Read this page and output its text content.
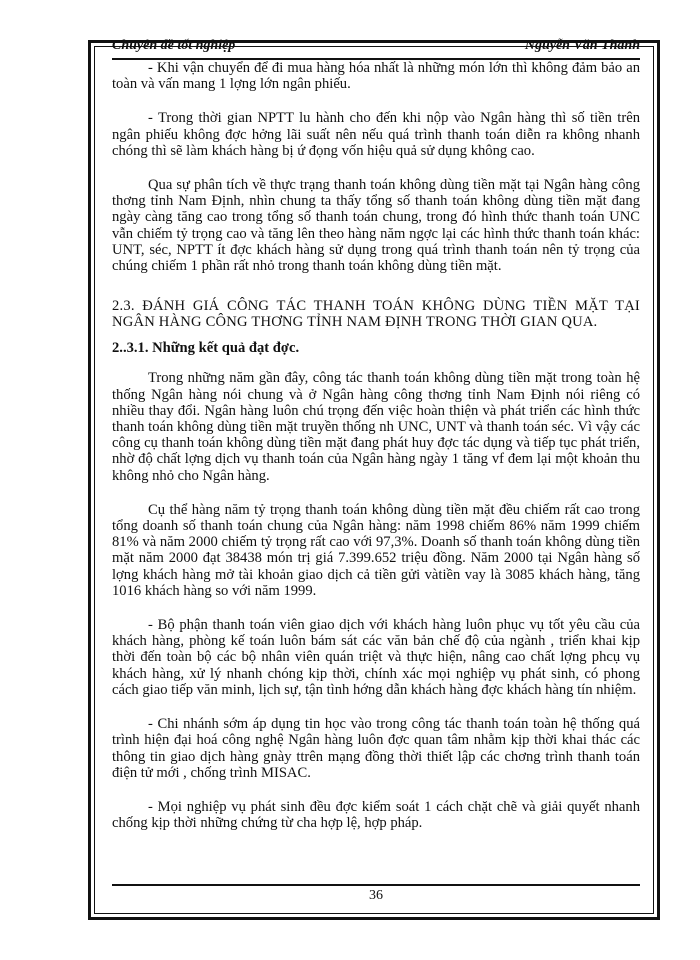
Chuyên đề tốt nghiệp	Nguyễn Văn Thanh

- Khi vận chuyển để đi mua hàng hóa nhất là những món lớn thì không đảm bảo an toàn và vấn mang 1 lợng lớn ngân phiếu.

- Trong thời gian NPTT lu hành cho đến khi nộp vào Ngân hàng thì số tiền trên ngân phiếu không đợc hởng lãi suất nên nếu quá trình thanh toán diễn ra không nhanh chóng thì sẽ làm khách hàng bị ứ đọng vốn hiệu quả sử dụng không cao.

Qua sự phân tích về thực trạng thanh toán không dùng tiền mặt tại Ngân hàng công thơng tỉnh Nam Định, nhìn chung ta thấy tổng số thanh toán không dùng tiền mặt đang ngày càng tăng cao trong tổng số thanh toán chung, trong đó hình thức thanh toán UNC vẫn chiếm tỷ trọng cao và tăng lên theo hàng năm ngợc lại các hình thức thanh toán khác: UNT, séc, NPTT ít đợc khách hàng sử dụng trong quá trình thanh toán nên tỷ trọng của chúng chiếm 1 phần rất nhỏ trong thanh toán không dùng tiền mặt.

2.3. ĐÁNH GIÁ CÔNG TÁC THANH TOÁN KHÔNG DÙNG TIỀN MẶT TẠI NGÂN HÀNG CÔNG THƠNG TỈNH NAM ĐỊNH TRONG THỜI GIAN QUA.

2..3.1. Những kết quả đạt đợc.

Trong những năm gần đây, công tác thanh toán không dùng tiền mặt trong toàn hệ thống Ngân hàng nói chung và ở Ngân hàng công thơng tỉnh Nam Định nói riêng có nhiều thay đổi. Ngân hàng luôn chú trọng đến việc hoàn thiện và phát triển các hình thức thanh toán không dùng tiền mặt truyền thống nh UNC, UNT và thanh toán séc. Vì vậy các công cụ thanh toán không dùng tiền mặt đang phát huy đợc tác dụng và tiếp tục phát triển, nhờ độ chất lợng dịch vụ thanh toán của Ngân hàng ngày 1 tăng vf đem lại một khoản thu không nhỏ cho Ngân hàng.

Cụ thể hàng năm tỷ trọng thanh toán không dùng tiền mặt đều chiếm rất cao trong tổng doanh số thanh toán chung của Ngân hàng: năm 1998 chiếm 86% năm 1999 chiếm 81% và năm 2000 chiếm tỷ trọng rất cao với 97,3%. Doanh số thanh toán không dùng tiền mặt năm 2000 đạt 38438 món trị giá 7.399.652 triệu đồng. Năm 2000 tại Ngân hàng số lợng khách hàng mở tài khoản giao dịch cả tiền gửi vàtiền vay là 3085 khách hàng, tăng 1016 khách hàng so với năm 1999.

- Bộ phận thanh toán viên giao dịch với khách hàng luôn phục vụ tốt yêu cầu của khách hàng, phòng kế toán luôn bám sát các văn bản chế độ của ngành , triển khai kịp thời đến toàn bộ các bộ nhân viên quán triệt và thực hiện, nâng cao chất lợng phcụ vụ khách hàng, xử lý nhanh chóng kịp thời, chính xác mọi nghiệp vụ phát sinh, có phong cách giao tiếp văn minh, lịch sự, tận tình hớng dẫn khách hàng đợc khách hàng tín nhiệm.

- Chi nhánh sớm áp dụng tin học vào trong công tác thanh toán toàn hệ thống quá trình hiện đại hoá công nghệ Ngân hàng luôn đợc quan tâm nhằm kịp thời khai thác các thông tin giao dịch hàng gnày ttrên mạng đồng thời thiết lập các chơng trình thanh toán điện tử mới , chống trình MISAC.

- Mọi nghiệp vụ phát sinh đều đợc kiểm soát 1 cách chặt chẽ và giải quyết nhanh chống kịp thời những chứng từ cha hợp lệ, hợp pháp.

36
